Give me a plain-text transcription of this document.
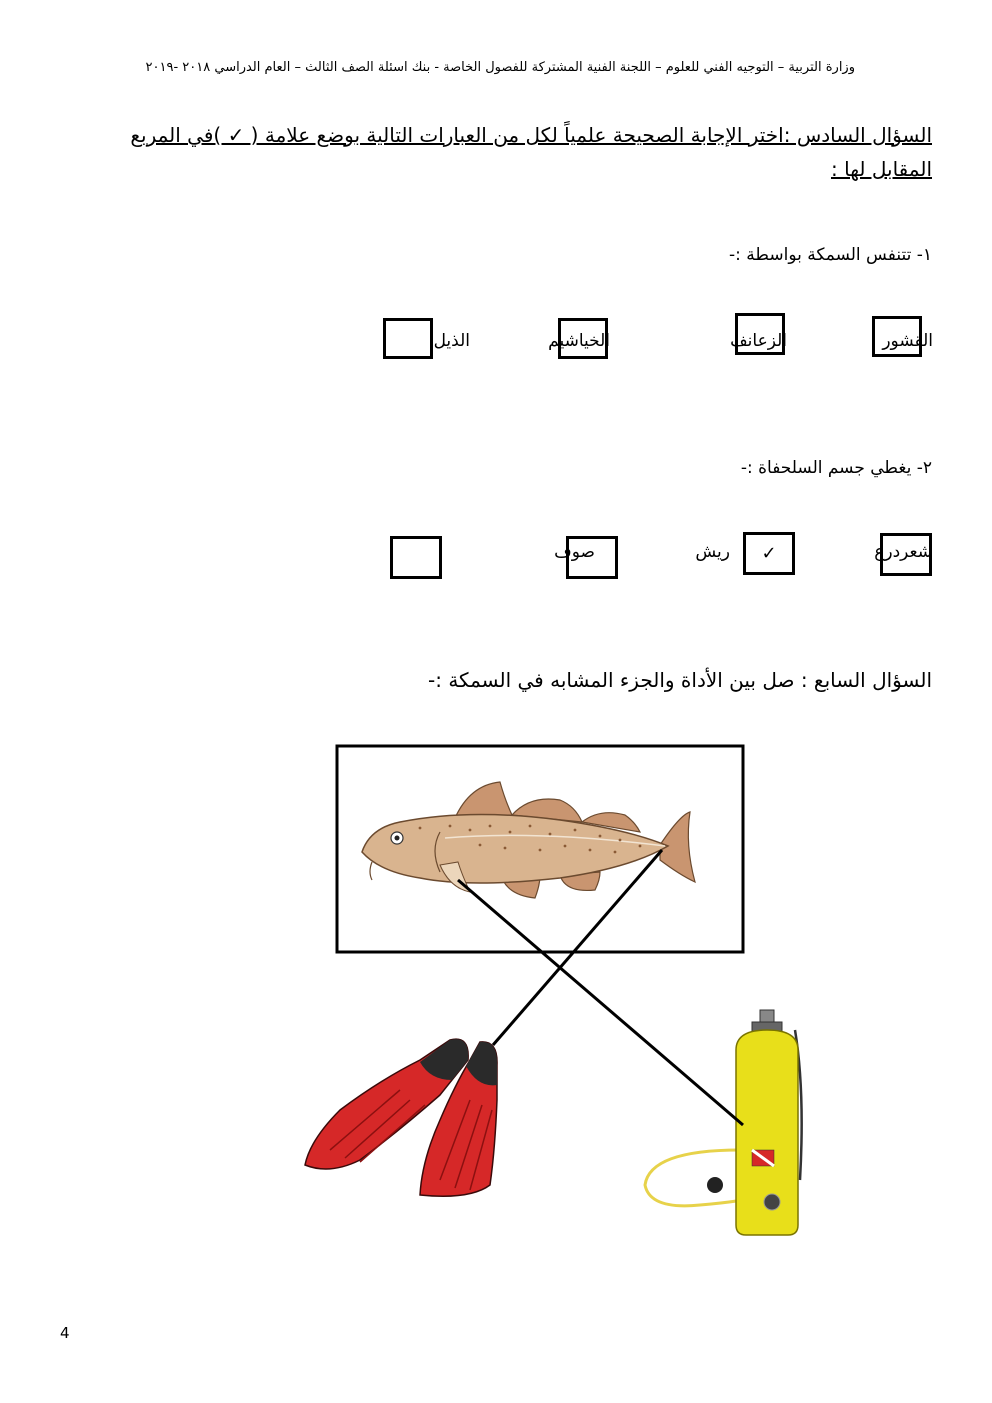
وزارة التربية – التوجيه الفني للعلوم – اللجنة الفنية المشتركة للفصول الخاصة - بنك اسئلة الصف الثالث – العام الدراسي ٢٠١٨ -٢٠١٩
السؤال السادس :اختر الإجابة الصحيحة علمياً لكل من العبارات التالية بوضع علامة ( ✓ )في المربع المقابل لها :
١- تتنفس السمكة بواسطة :-
القشور
الزعانف
الخياشيم
الذيل
٢- يغطي جسم السلحفاة :-
شعردرع
✓
ريش
صوف
السؤال السابع : صل بين الأداة والجزء المشابه في السمكة :-
4
